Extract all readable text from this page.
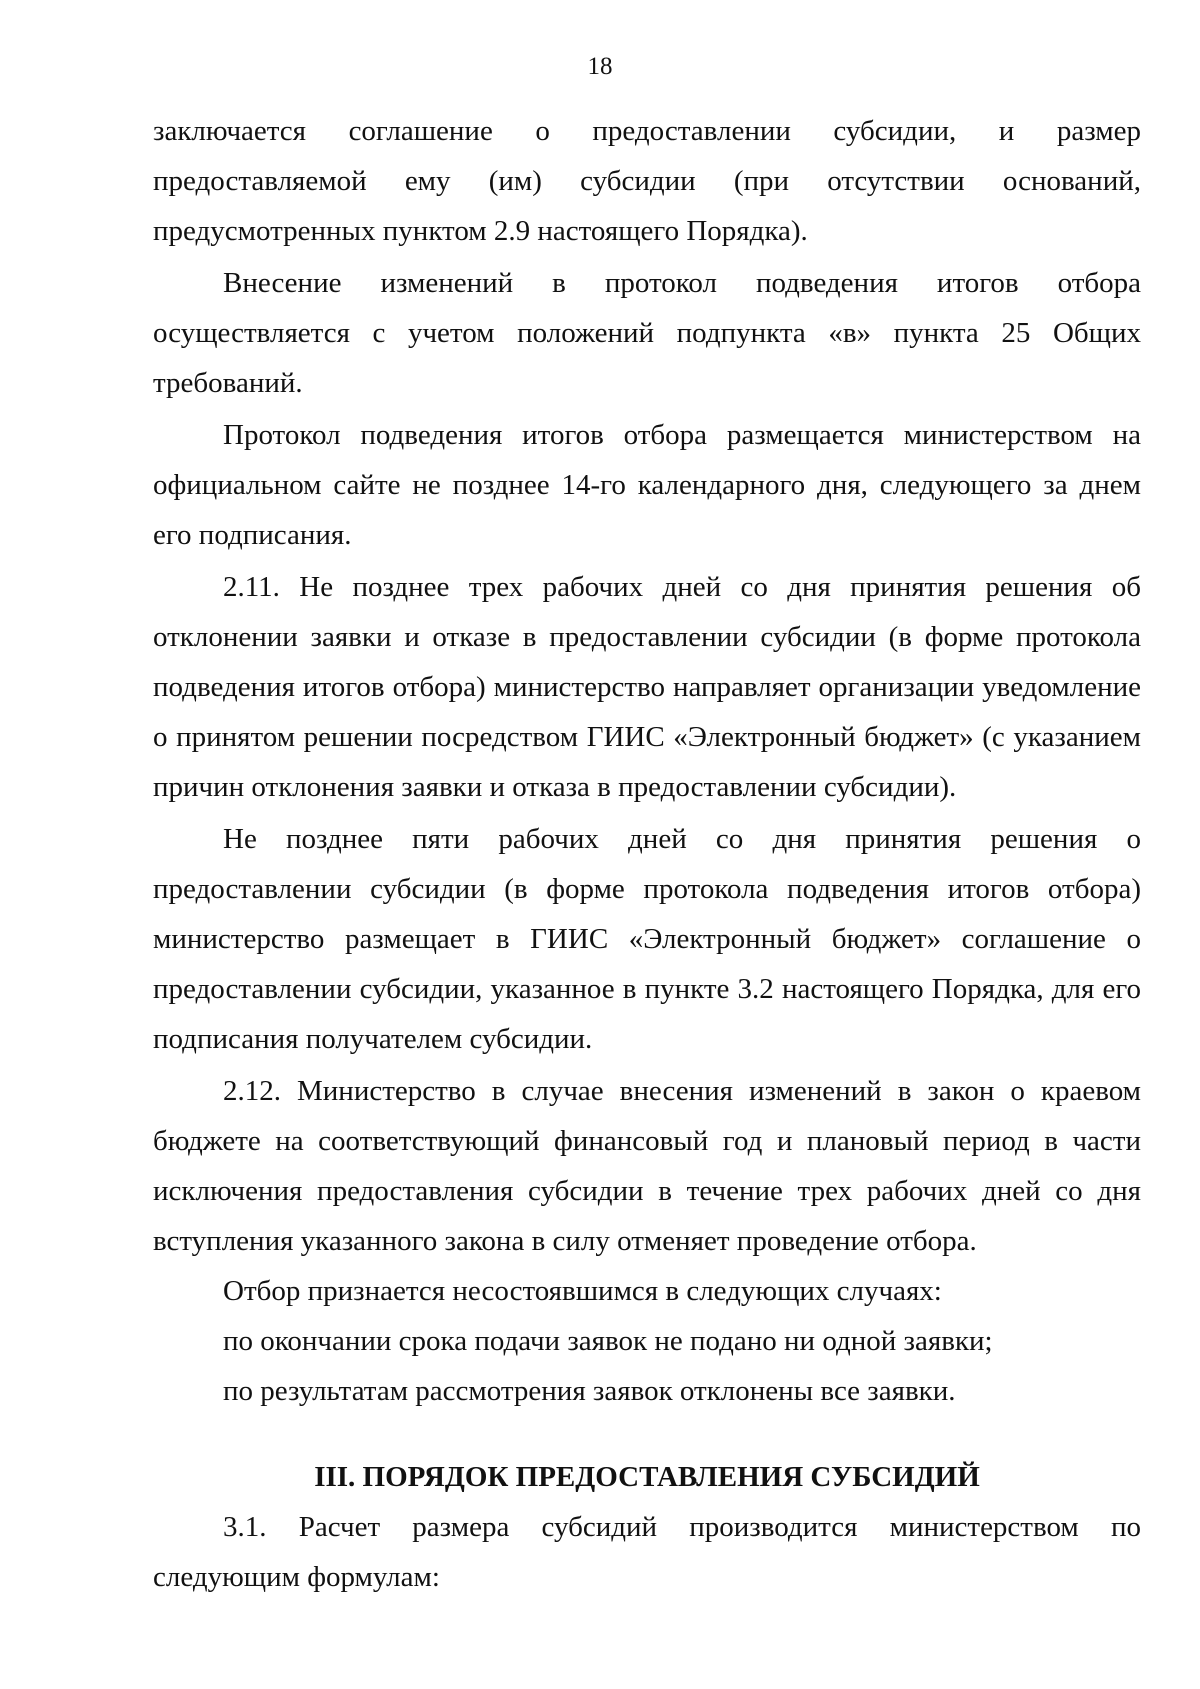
18

заключается соглашение о предоставлении субсидии, и размер предоставляемой ему (им) субсидии (при отсутствии оснований, предусмотренных пунктом 2.9 настоящего Порядка).

Внесение изменений в протокол подведения итогов отбора осуществляется с учетом положений подпункта «в» пункта 25 Общих требований.

Протокол подведения итогов отбора размещается министерством на официальном сайте не позднее 14-го календарного дня, следующего за днем его подписания.

2.11. Не позднее трех рабочих дней со дня принятия решения об отклонении заявки и отказе в предоставлении субсидии (в форме протокола подведения итогов отбора) министерство направляет организации уведомление о принятом решении посредством ГИИС «Электронный бюджет» (с указанием причин отклонения заявки и отказа в предоставлении субсидии).

Не позднее пяти рабочих дней со дня принятия решения о предоставлении субсидии (в форме протокола подведения итогов отбора) министерство размещает в ГИИС «Электронный бюджет» соглашение о предоставлении субсидии, указанное в пункте 3.2 настоящего Порядка, для его подписания получателем субсидии.

2.12. Министерство в случае внесения изменений в закон о краевом бюджете на соответствующий финансовый год и плановый период в части исключения предоставления субсидии в течение трех рабочих дней со дня вступления указанного закона в силу отменяет проведение отбора.

Отбор признается несостоявшимся в следующих случаях:

по окончании срока подачи заявок не подано ни одной заявки;

по результатам рассмотрения заявок отклонены все заявки.

III. ПОРЯДОК ПРЕДОСТАВЛЕНИЯ СУБСИДИЙ

3.1. Расчет размера субсидий производится министерством по следующим формулам:
